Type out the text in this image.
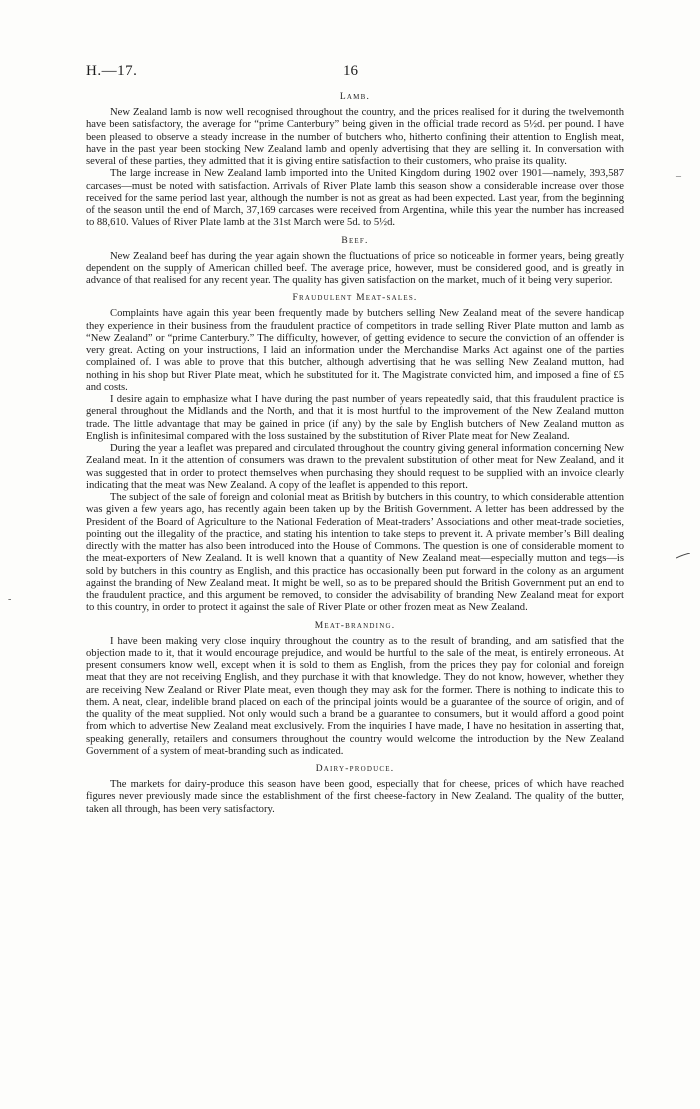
H.—17.	16
Lamb.

New Zealand lamb is now well recognised throughout the country, and the prices realised for it during the twelvemonth have been satisfactory, the average for “prime Canterbury” being given in the official trade record as 5½d. per pound. I have been pleased to observe a steady increase in the number of butchers who, hitherto confining their attention to English meat, have in the past year been stocking New Zealand lamb and openly advertising that they are selling it. In conversation with several of these parties, they admitted that it is giving entire satisfaction to their customers, who praise its quality.

The large increase in New Zealand lamb imported into the United Kingdom during 1902 over 1901—namely, 393,587 carcases—must be noted with satisfaction. Arrivals of River Plate lamb this season show a considerable increase over those received for the same period last year, although the number is not as great as had been expected. Last year, from the beginning of the season until the end of March, 37,169 carcases were received from Argentina, while this year the number has increased to 88,610. Values of River Plate lamb at the 31st March were 5d. to 5½d.

Beef.

New Zealand beef has during the year again shown the fluctuations of price so noticeable in former years, being greatly dependent on the supply of American chilled beef. The average price, however, must be considered good, and is greatly in advance of that realised for any recent year. The quality has given satisfaction on the market, much of it being very superior.

Fraudulent Meat-sales.

Complaints have again this year been frequently made by butchers selling New Zealand meat of the severe handicap they experience in their business from the fraudulent practice of competitors in trade selling River Plate mutton and lamb as “New Zealand” or “prime Canterbury.” The difficulty, however, of getting evidence to secure the conviction of an offender is very great. Acting on your instructions, I laid an information under the Merchandise Marks Act against one of the parties complained of. I was able to prove that this butcher, although advertising that he was selling New Zealand mutton, had nothing in his shop but River Plate meat, which he substituted for it. The Magistrate convicted him, and imposed a fine of £5 and costs.

I desire again to emphasize what I have during the past number of years repeatedly said, that this fraudulent practice is general throughout the Midlands and the North, and that it is most hurtful to the improvement of the New Zealand mutton trade. The little advantage that may be gained in price (if any) by the sale by English butchers of New Zealand mutton as English is infinitesimal compared with the loss sustained by the substitution of River Plate meat for New Zealand.

During the year a leaflet was prepared and circulated throughout the country giving general information concerning New Zealand meat. In it the attention of consumers was drawn to the prevalent substitution of other meat for New Zealand, and it was suggested that in order to protect themselves when purchasing they should request to be supplied with an invoice clearly indicating that the meat was New Zealand. A copy of the leaflet is appended to this report.

The subject of the sale of foreign and colonial meat as British by butchers in this country, to which considerable attention was given a few years ago, has recently again been taken up by the British Government. A letter has been addressed by the President of the Board of Agriculture to the National Federation of Meat-traders’ Associations and other meat-trade societies, pointing out the illegality of the practice, and stating his intention to take steps to prevent it. A private member’s Bill dealing directly with the matter has also been introduced into the House of Commons. The question is one of considerable moment to the meat-exporters of New Zealand. It is well known that a quantity of New Zealand meat—especially mutton and tegs—is sold by butchers in this country as English, and this practice has occasionally been put forward in the colony as an argument against the branding of New Zealand meat. It might be well, so as to be prepared should the British Government put an end to the fraudulent practice, and this argument be removed, to consider the advisability of branding New Zealand meat for export to this country, in order to protect it against the sale of River Plate or other frozen meat as New Zealand.

Meat-branding.

I have been making very close inquiry throughout the country as to the result of branding, and am satisfied that the objection made to it, that it would encourage prejudice, and would be hurtful to the sale of the meat, is entirely erroneous. At present consumers know well, except when it is sold to them as English, from the prices they pay for colonial and foreign meat that they are not receiving English, and they purchase it with that knowledge. They do not know, however, whether they are receiving New Zealand or River Plate meat, even though they may ask for the former. There is nothing to indicate this to them. A neat, clear, indelible brand placed on each of the principal joints would be a guarantee of the source of origin, and of the quality of the meat supplied. Not only would such a brand be a guarantee to consumers, but it would afford a good point from which to advertise New Zealand meat exclusively. From the inquiries I have made, I have no hesitation in asserting that, speaking generally, retailers and consumers throughout the country would welcome the introduction by the New Zealand Government of a system of meat-branding such as indicated.

Dairy-produce.

The markets for dairy-produce this season have been good, especially that for cheese, prices of which have reached figures never previously made since the establishment of the first cheese-factory in New Zealand. The quality of the butter, taken all through, has been very satisfactory.

–
-
